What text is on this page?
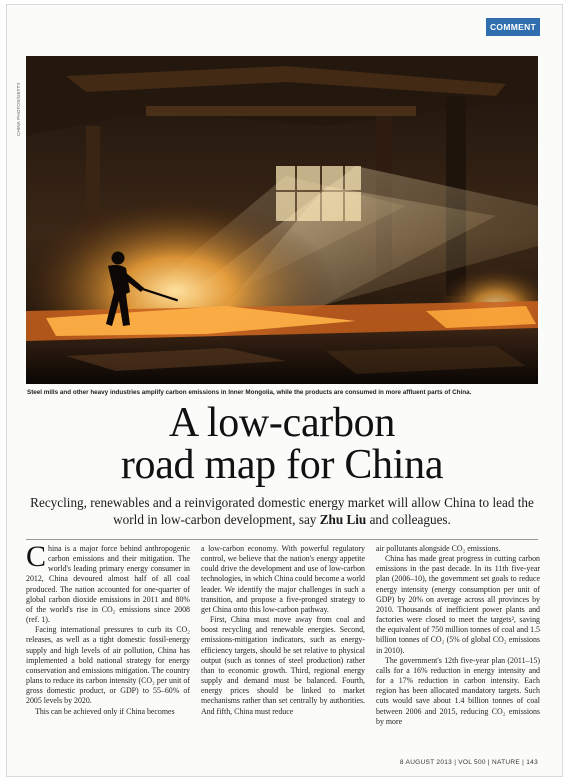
COMMENT
CHINA PHOTOS/GETTY
Steel mills and other heavy industries amplify carbon emissions in Inner Mongolia, while the products are consumed in more affluent parts of China.
A low-carbon
road map for China
Recycling, renewables and a reinvigorated domestic energy market will allow China to lead the world in low-carbon development, say Zhu Liu and colleagues.

China is a major force behind anthropogenic carbon emissions and their mitigation. The world's leading primary energy consumer in 2012, China devoured almost half of all coal produced. The nation accounted for one-quarter of global carbon dioxide emissions in 2011 and 80% of the world's rise in CO₂ emissions since 2008 (ref. 1).

Facing international pressures to curb its CO₂ releases, as well as a tight domestic fossil-energy supply and high levels of air pollution, China has implemented a bold national strategy for energy conservation and emissions mitigation. The country plans to reduce its carbon intensity (CO₂ per unit of gross domestic product, or GDP) to 55–60% of 2005 levels by 2020.

This can be achieved only if China becomes

a low-carbon economy. With powerful regulatory control, we believe that the nation's energy appetite could drive the development and use of low-carbon technologies, in which China could become a world leader. We identify the major challenges in such a transition, and propose a five-pronged strategy to get China onto this low-carbon pathway.

First, China must move away from coal and boost recycling and renewable energies. Second, emissions-mitigation indicators, such as energy-efficiency targets, should be set relative to physical output (such as tonnes of steel production) rather than to economic growth. Third, regional energy supply and demand must be balanced. Fourth, energy prices should be linked to market mechanisms rather than set centrally by authorities. And fifth, China must reduce

air pollutants alongside CO₂ emissions.

China has made great progress in cutting carbon emissions in the past decade. In its 11th five-year plan (2006–10), the government set goals to reduce energy intensity (energy consumption per unit of GDP) by 20% on average across all provinces by 2010. Thousands of inefficient power plants and factories were closed to meet the targets², saving the equivalent of 750 million tonnes of coal and 1.5 billion tonnes of CO₂ (5% of global CO₂ emissions in 2010).

The government's 12th five-year plan (2011–15) calls for a 16% reduction in energy intensity and for a 17% reduction in carbon intensity. Each region has been allocated mandatory targets. Such cuts would save about 1.4 billion tonnes of coal between 2006 and 2015, reducing CO₂ emissions by more

8 AUGUST 2013 | VOL 500 | NATURE | 143
